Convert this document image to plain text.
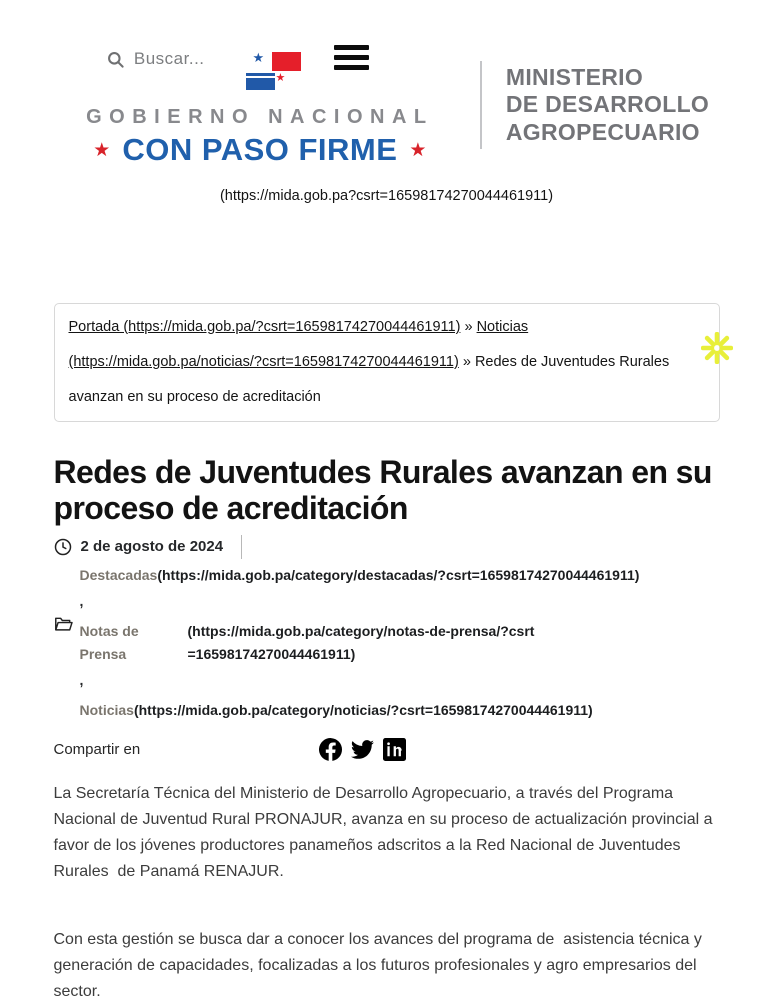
Buscar...	★
★
GOBIERNO NACIONAL
★ CON PASO FIRME ★
MINISTERIO
DE DESARROLLO
AGROPECUARIO
(https://mida.gob.pa?csrt=16598174270044461911)
Portada (https://mida.gob.pa/?csrt=16598174270044461911) » Noticias (https://mida.gob.pa/noticias/?csrt=16598174270044461911) » Redes de Juventudes Rurales avanzan en su proceso de acreditación
Redes de Juventudes Rurales avanzan en su proceso de acreditación
2 de agosto de 2024
Destacadas(https://mida.gob.pa/category/destacadas/?csrt=16598174270044461911)
,
Notas de Prensa
(https://mida.gob.pa/category/notas-de-prensa/?csrt=16598174270044461911)
,
Noticias(https://mida.gob.pa/category/noticias/?csrt=16598174270044461911)
Compartir en

La Secretaría Técnica del Ministerio de Desarrollo Agropecuario, a través del Programa Nacional de Juventud Rural PRONAJUR, avanza en su proceso de actualización provincial a favor de los jóvenes productores panameños adscritos a la Red Nacional de Juventudes Rurales  de Panamá RENAJUR.

Con esta gestión se busca dar a conocer los avances del programa de  asistencia técnica y generación de capacidades, focalizadas a los futuros profesionales y agro empresarios del sector.
